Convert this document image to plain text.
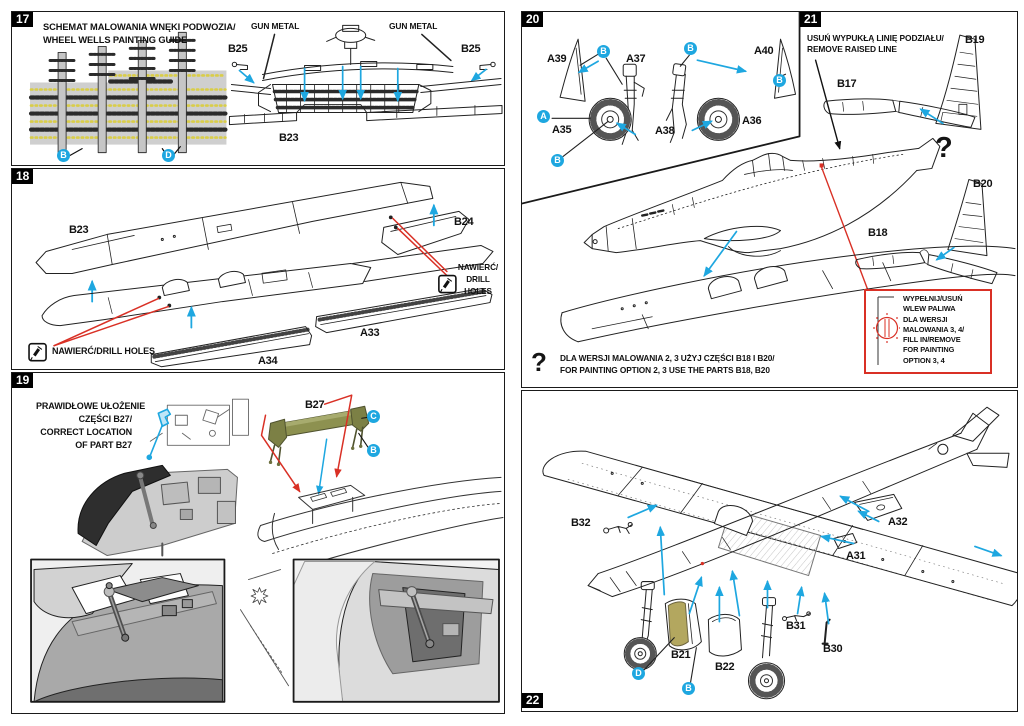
17
SCHEMAT MALOWANIA WNĘKI PODWOZIA/
WHEEL WELLS PAINTING GUIDE
GUN METAL	GUN METAL
B25	B25
B23
B	D
18
B23
B24
NAWIERĆ/
DRILL
HOLES
NAWIERĆ/DRILL HOLES
A34
A33
19
PRAWIDŁOWE UŁOŻENIE
CZĘŚCI B27/
CORRECT LOCATION
OF PART B27
B27
C
B
20	21
A39	A37
A35	A38
A36
A40
B	B
B
A
B
USUŃ WYPUKŁĄ LINIĘ PODZIAŁU/
REMOVE RAISED LINE
B19
B17
?
B20
B18
WYPEŁNIJ/USUŃ
WLEW PALIWA
DLA WERSJI
MALOWANIA 3, 4/
FILL IN/REMOVE
FOR PAINTING
OPTION 3, 4
? DLA WERSJI MALOWANIA 2, 3 UŻYJ CZĘŚCI B18 I B20/
FOR PAINTING OPTION 2, 3 USE THE PARTS B18, B20
22
B32
B21
B22
B31
B30
A32
A31
D
B
